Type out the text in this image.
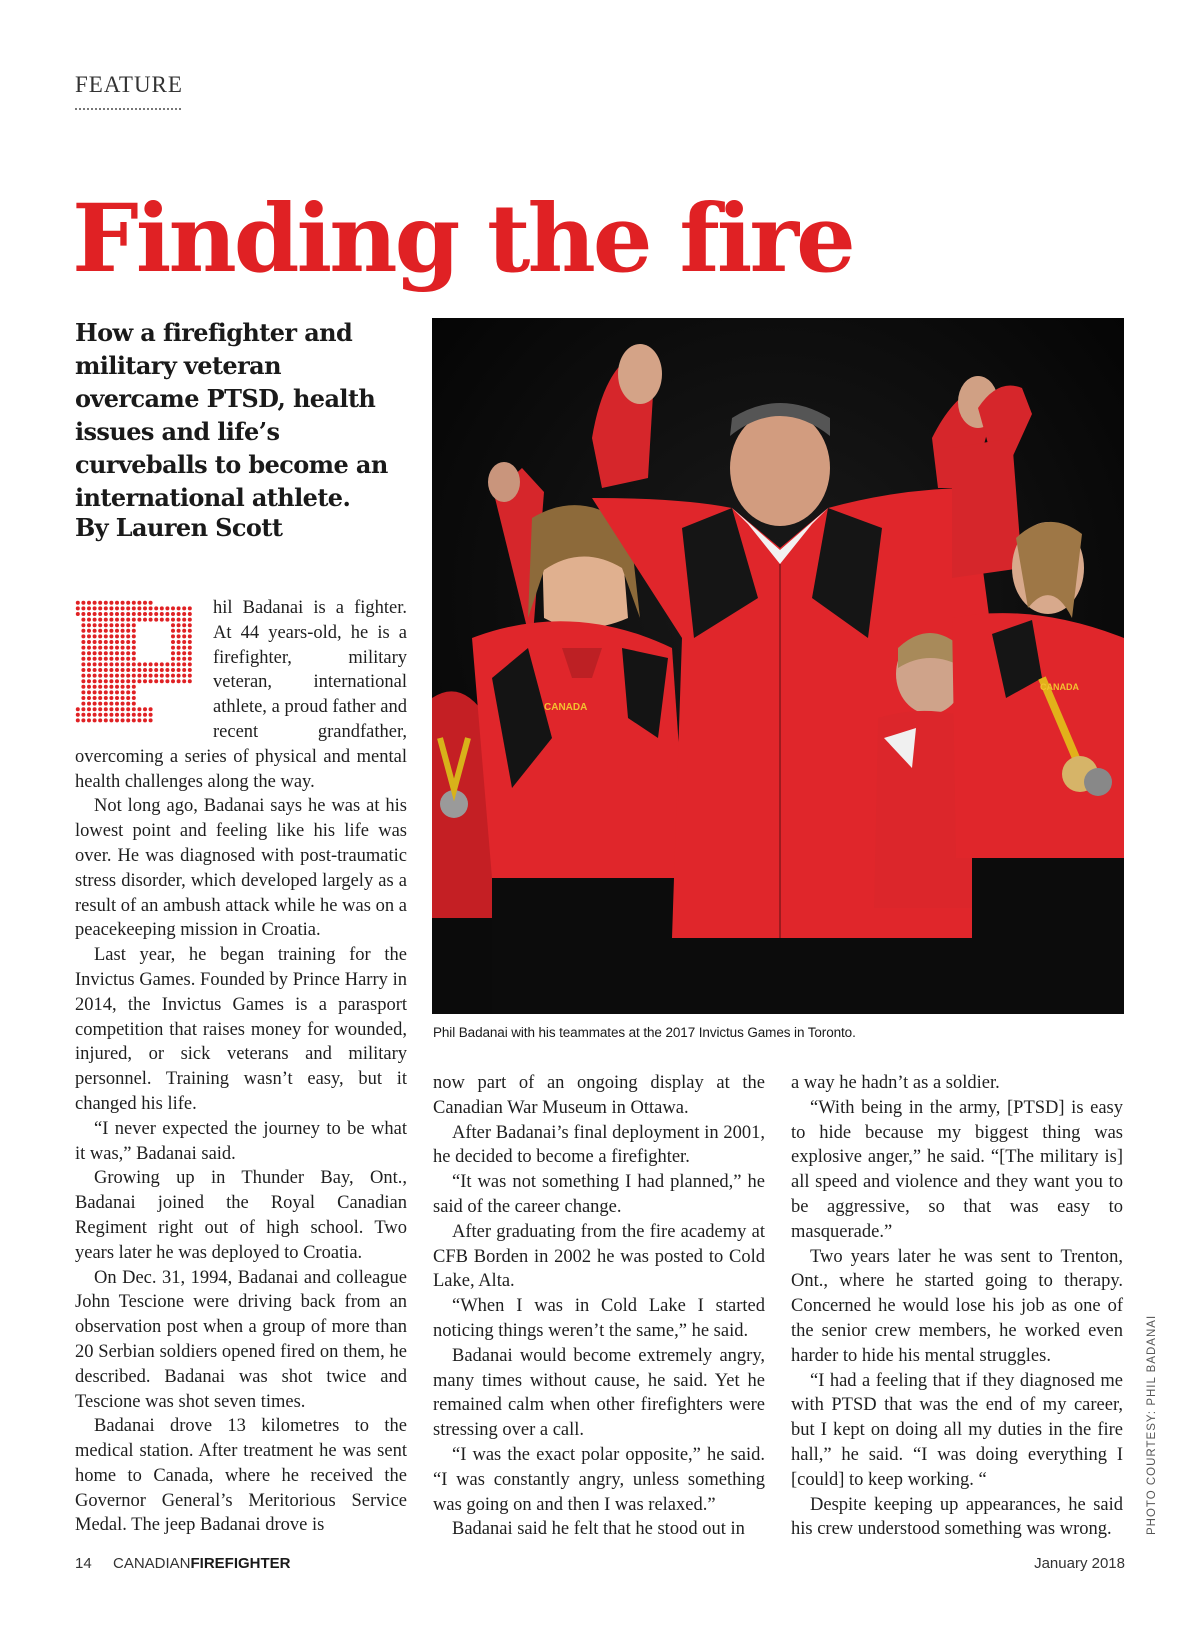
FEATURE
Finding the fire

How a firefighter and military veteran overcame PTSD, health issues and life’s curveballs to become an international athlete.

By Lauren Scott
CANADA
CANADA
Phil Badanai with his teammates at the 2017 Invictus Games in Toronto.

hil Badanai is a fighter. At 44 years-old, he is a firefighter, military veteran, international athlete, a proud father and recent grandfather, overcoming a series of physical and mental health challenges along the way.

Not long ago, Badanai says he was at his lowest point and feeling like his life was over. He was diagnosed with post-traumatic stress disorder, which developed largely as a result of an ambush attack while he was on a peacekeeping mission in Croatia.

Last year, he began training for the Invictus Games. Founded by Prince Harry in 2014, the Invictus Games is a parasport competition that raises money for wounded, injured, or sick veterans and military personnel. Training wasn’t easy, but it changed his life.

“I never expected the journey to be what it was,” Badanai said.

Growing up in Thunder Bay, Ont., Badanai joined the Royal Canadian Regiment right out of high school. Two years later he was deployed to Croatia.

On Dec. 31, 1994, Badanai and colleague John Tescione were driving back from an observation post when a group of more than 20 Serbian soldiers opened fired on them, he described. Badanai was shot twice and Tescione was shot seven times.

Badanai drove 13 kilometres to the medical station. After treatment he was sent home to Canada, where he received the Governor General’s Meritorious Service Medal. The jeep Badanai drove is

now part of an ongoing display at the Canadian War Museum in Ottawa.

After Badanai’s final deployment in 2001, he decided to become a firefighter.

“It was not something I had planned,” he said of the career change.

After graduating from the fire academy at CFB Borden in 2002 he was posted to Cold Lake, Alta.

“When I was in Cold Lake I started noticing things weren’t the same,” he said.

Badanai would become extremely angry, many times without cause, he said. Yet he remained calm when other firefighters were stressing over a call.

“I was the exact polar opposite,” he said. “I was constantly angry, unless something was going on and then I was relaxed.”

Badanai said he felt that he stood out in

a way he hadn’t as a soldier.

“With being in the army, [PTSD] is easy to hide because my biggest thing was explosive anger,” he said. “[The military is] all speed and violence and they want you to be aggressive, so that was easy to masquerade.”

Two years later he was sent to Trenton, Ont., where he started going to therapy. Concerned he would lose his job as one of the senior crew members, he worked even harder to hide his mental struggles.

“I had a feeling that if they diagnosed me with PTSD that was the end of my career, but I kept on doing all my duties in the fire hall,” he said. “I was doing everything I [could] to keep working. “

Despite keeping up appearances, he said his crew understood something was wrong.	PHOTO COURTESY: PHIL BADANAI
14 CANADIANFIREFIGHTER	January 2018
